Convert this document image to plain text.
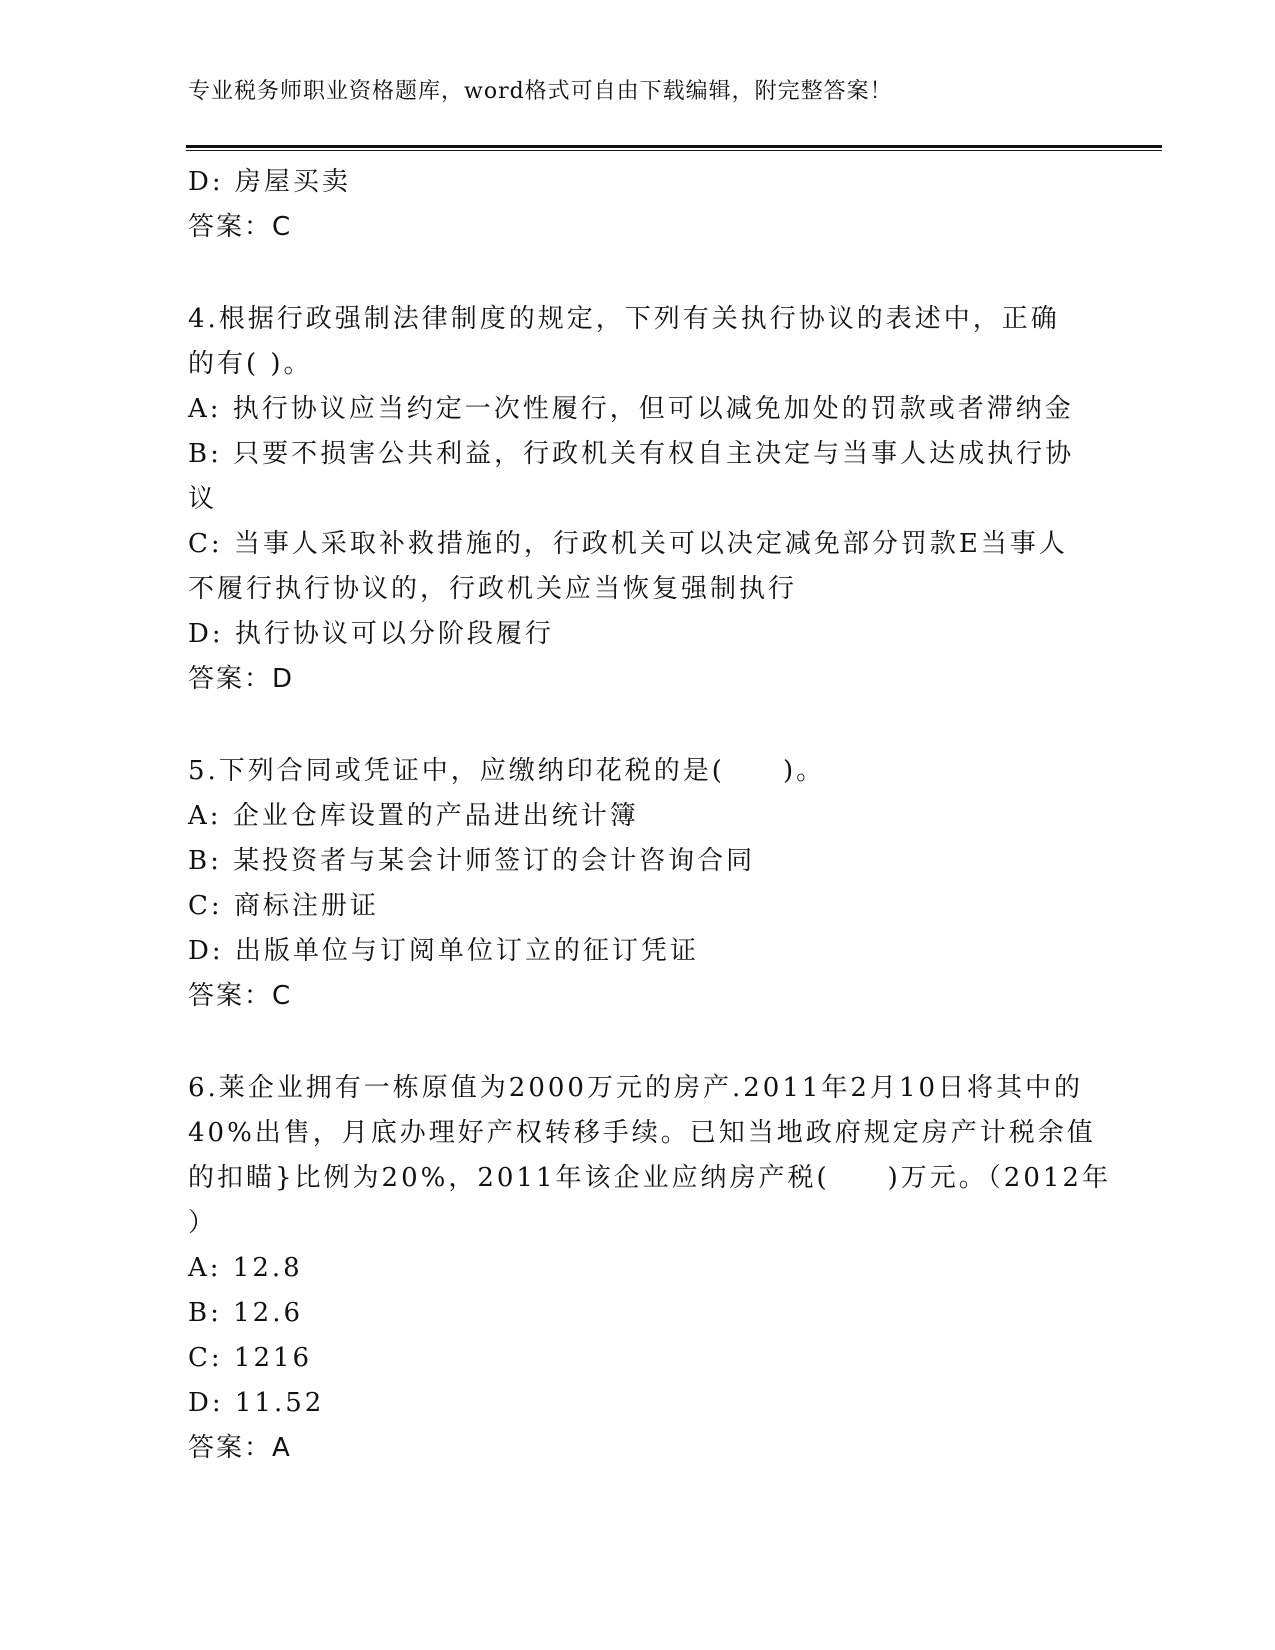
专业税务师职业资格题库，word格式可自由下载编辑，附完整答案！
D: 房屋买卖
答案：C
4.根据行政强制法律制度的规定，下列有关执行协议的表述中，正确
的有( )。
A: 执行协议应当约定一次性履行，但可以减免加处的罚款或者滞纳金
B: 只要不损害公共利益，行政机关有权自主决定与当事人达成执行协
议
C: 当事人采取补救措施的，行政机关可以决定减免部分罚款E当事人
不履行执行协议的，行政机关应当恢复强制执行
D: 执行协议可以分阶段履行
答案：D
5.下列合同或凭证中，应缴纳印花税的是(　　)。
A: 企业仓库设置的产品进出统计簿
B: 某投资者与某会计师签订的会计咨询合同
C: 商标注册证
D: 出版单位与订阅单位订立的征订凭证
答案：C
6.莱企业拥有一栋原值为2000万元的房产.2011年2月10日将其中的
40%出售，月底办理好产权转移手续。已知当地政府规定房产计税余值
的扣瞄}比例为20%，2011年该企业应纳房产税(　　)万元。（2012年
）
A: 12.8
B: 12.6
C: 1216
D: 11.52
答案：A
